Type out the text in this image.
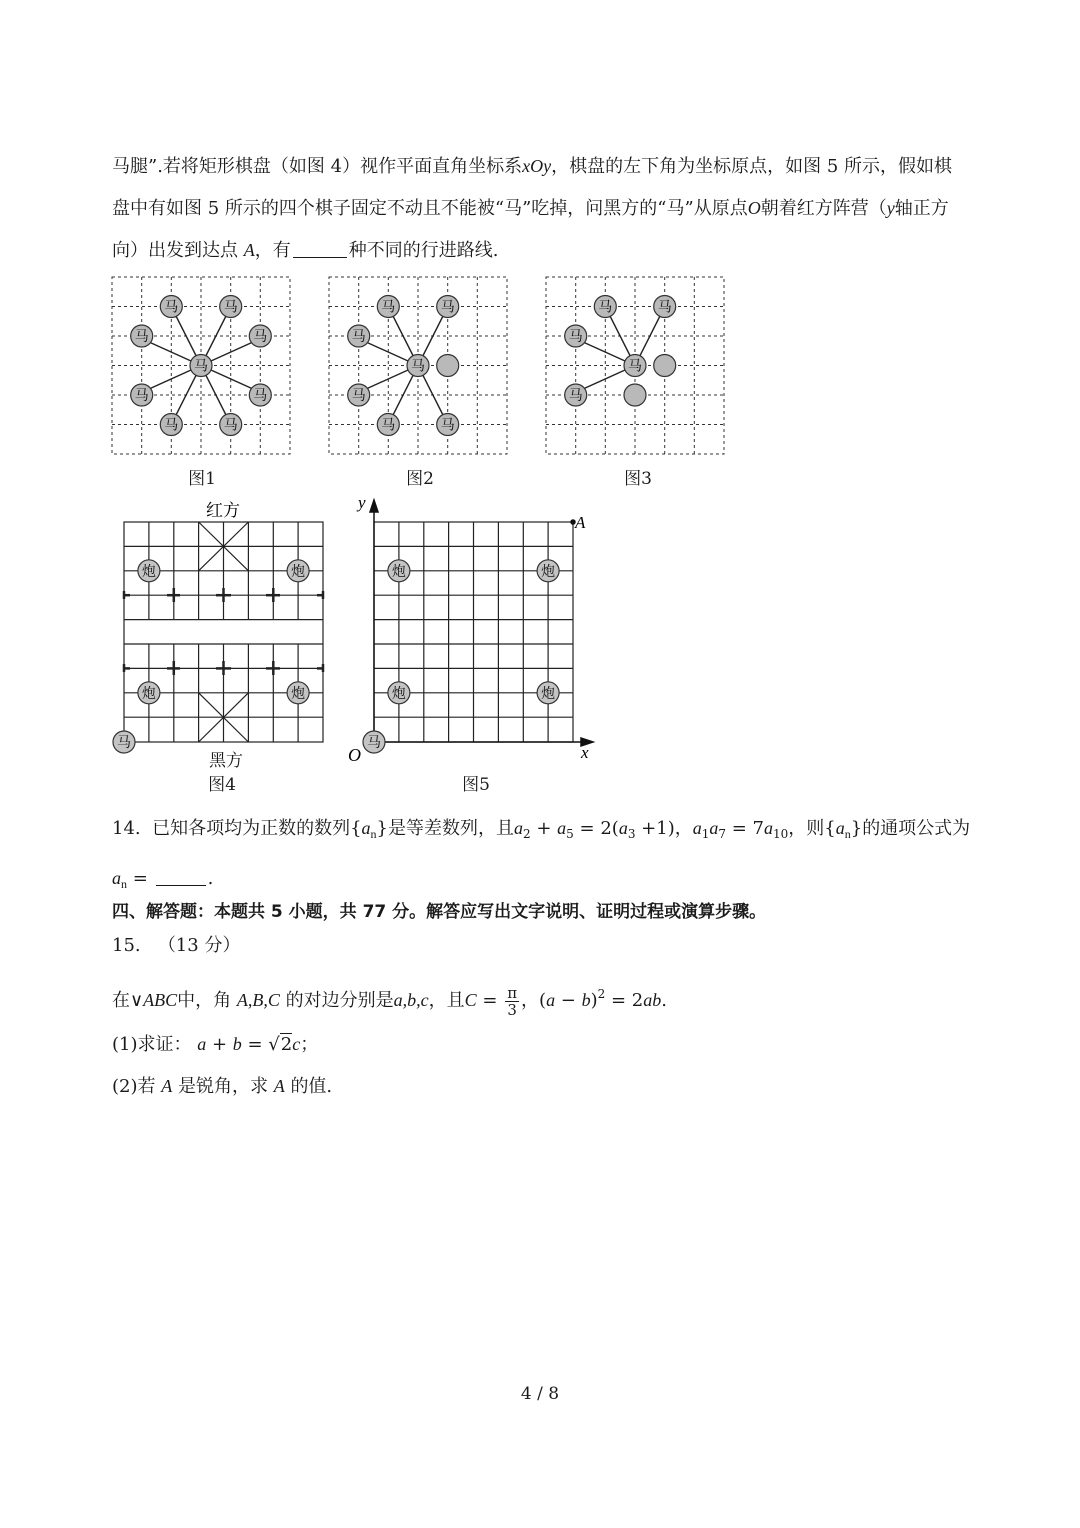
马腿”.若将矩形棋盘（如图 4）视作平面直角坐标系xOy，棋盘的左下角为坐标原点，如图 5 所示，假如棋
盘中有如图 5 所示的四个棋子固定不动且不能被“马”吃掉，问黑方的“马”从原点O朝着红方阵营（y轴正方
向）出发到达点 A，有	种不同的行进路线.
马
马	马
马	马
马	马
马	马
图1
马
马	马
马
马
马	马
图2
马
马	马
马
马
图3
红方
炮	炮
炮	炮
马
黑方
图4
y
x
O
A
炮	炮
炮	炮
马
图5
14. 已知各项均为正数的数列$\{a_n\}$是等差数列，且$a_2 + a_5 = 2(a_3 +1)$，$a_1a_7 = 7a_{10}$，则$\{a_n\}$的通项公式为
$a_n$ =	.
四、解答题：本题共 5 小题，共 77 分。解答应写出文字说明、证明过程或演算步骤。
15. （13 分）
在∨ABC中，角 A,B,C 的对边分别是a,b,c，且$C = \frac{\pi}{3}$ ，$(a - b)^2 = 2ab$.
(1)求证： a + b = √2c；
(2)若 A 是锐角，求 A 的值.
4 / 8
